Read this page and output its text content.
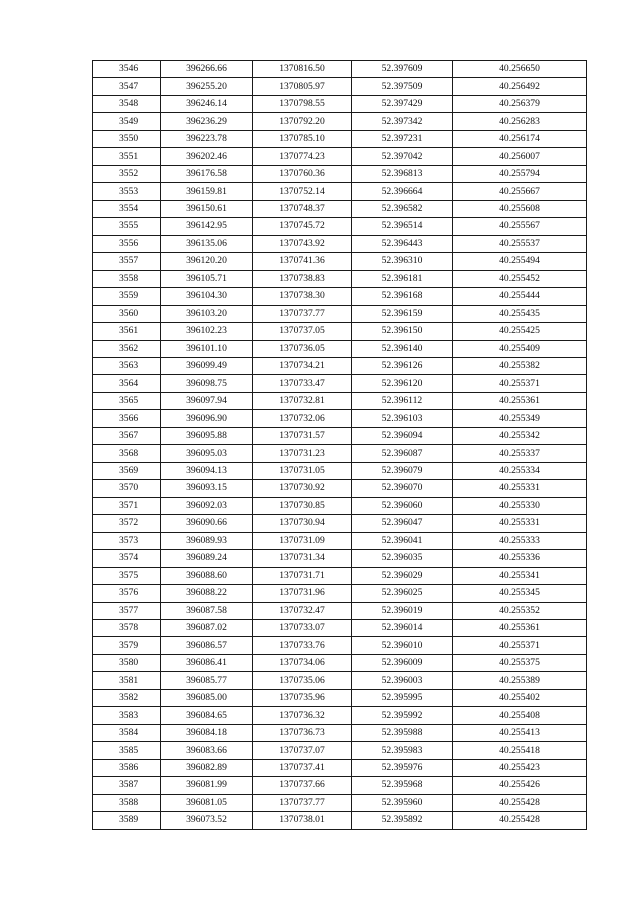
3546	396266.66	1370816.50	52.397609	40.256650
3547	396255.20	1370805.97	52.397509	40.256492
3548	396246.14	1370798.55	52.397429	40.256379
3549	396236.29	1370792.20	52.397342	40.256283
3550	396223.78	1370785.10	52.397231	40.256174
3551	396202.46	1370774.23	52.397042	40.256007
3552	396176.58	1370760.36	52.396813	40.255794
3553	396159.81	1370752.14	52.396664	40.255667
3554	396150.61	1370748.37	52.396582	40.255608
3555	396142.95	1370745.72	52.396514	40.255567
3556	396135.06	1370743.92	52.396443	40.255537
3557	396120.20	1370741.36	52.396310	40.255494
3558	396105.71	1370738.83	52.396181	40.255452
3559	396104.30	1370738.30	52.396168	40.255444
3560	396103.20	1370737.77	52.396159	40.255435
3561	396102.23	1370737.05	52.396150	40.255425
3562	396101.10	1370736.05	52.396140	40.255409
3563	396099.49	1370734.21	52.396126	40.255382
3564	396098.75	1370733.47	52.396120	40.255371
3565	396097.94	1370732.81	52.396112	40.255361
3566	396096.90	1370732.06	52.396103	40.255349
3567	396095.88	1370731.57	52.396094	40.255342
3568	396095.03	1370731.23	52.396087	40.255337
3569	396094.13	1370731.05	52.396079	40.255334
3570	396093.15	1370730.92	52.396070	40.255331
3571	396092.03	1370730.85	52.396060	40.255330
3572	396090.66	1370730.94	52.396047	40.255331
3573	396089.93	1370731.09	52.396041	40.255333
3574	396089.24	1370731.34	52.396035	40.255336
3575	396088.60	1370731.71	52.396029	40.255341
3576	396088.22	1370731.96	52.396025	40.255345
3577	396087.58	1370732.47	52.396019	40.255352
3578	396087.02	1370733.07	52.396014	40.255361
3579	396086.57	1370733.76	52.396010	40.255371
3580	396086.41	1370734.06	52.396009	40.255375
3581	396085.77	1370735.06	52.396003	40.255389
3582	396085.00	1370735.96	52.395995	40.255402
3583	396084.65	1370736.32	52.395992	40.255408
3584	396084.18	1370736.73	52.395988	40.255413
3585	396083.66	1370737.07	52.395983	40.255418
3586	396082.89	1370737.41	52.395976	40.255423
3587	396081.99	1370737.66	52.395968	40.255426
3588	396081.05	1370737.77	52.395960	40.255428
3589	396073.52	1370738.01	52.395892	40.255428
